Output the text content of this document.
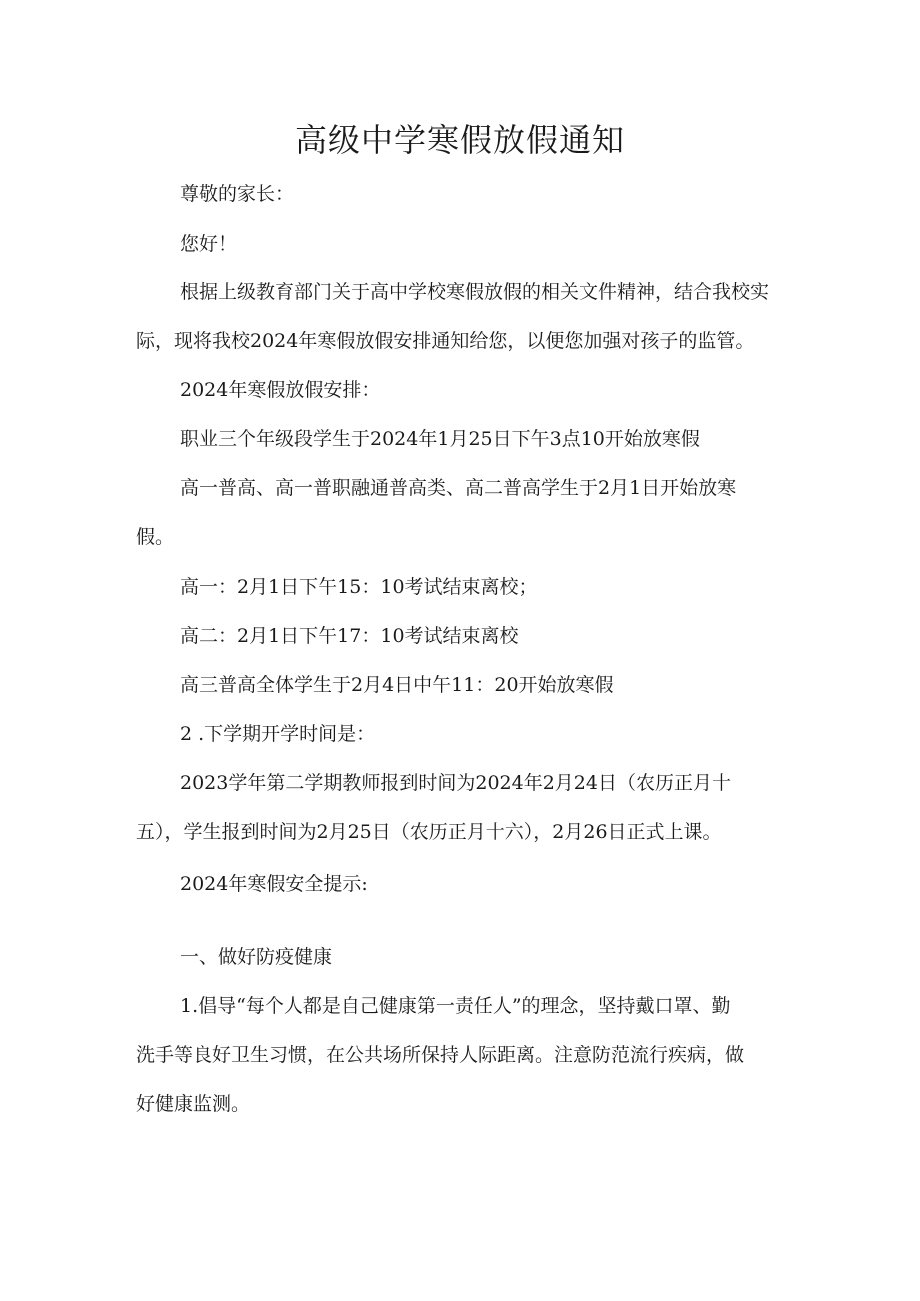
高级中学寒假放假通知
尊敬的家长：
您好！
根据上级教育部门关于高中学校寒假放假的相关文件精神，结合我校实
际，现将我校2024年寒假放假安排通知给您，以便您加强对孩子的监管。
2024年寒假放假安排：
职业三个年级段学生于2024年1月25日下午3点10开始放寒假
高一普高、高一普职融通普高类、高二普高学生于2月1日开始放寒
假。
高一：2月1日下午15：10考试结束离校；
高二：2月1日下午17：10考试结束离校
高三普高全体学生于2月4日中午11：20开始放寒假
2 .下学期开学时间是：
2023学年第二学期教师报到时间为2024年2月24日（农历正月十
五），学生报到时间为2月25日（农历正月十六），2月26日正式上课。
2024年寒假安全提示:
一、做好防疫健康
1.倡导“每个人都是自己健康第一责任人”的理念，坚持戴口罩、勤
洗手等良好卫生习惯，在公共场所保持人际距离。注意防范流行疾病，做
好健康监测。
